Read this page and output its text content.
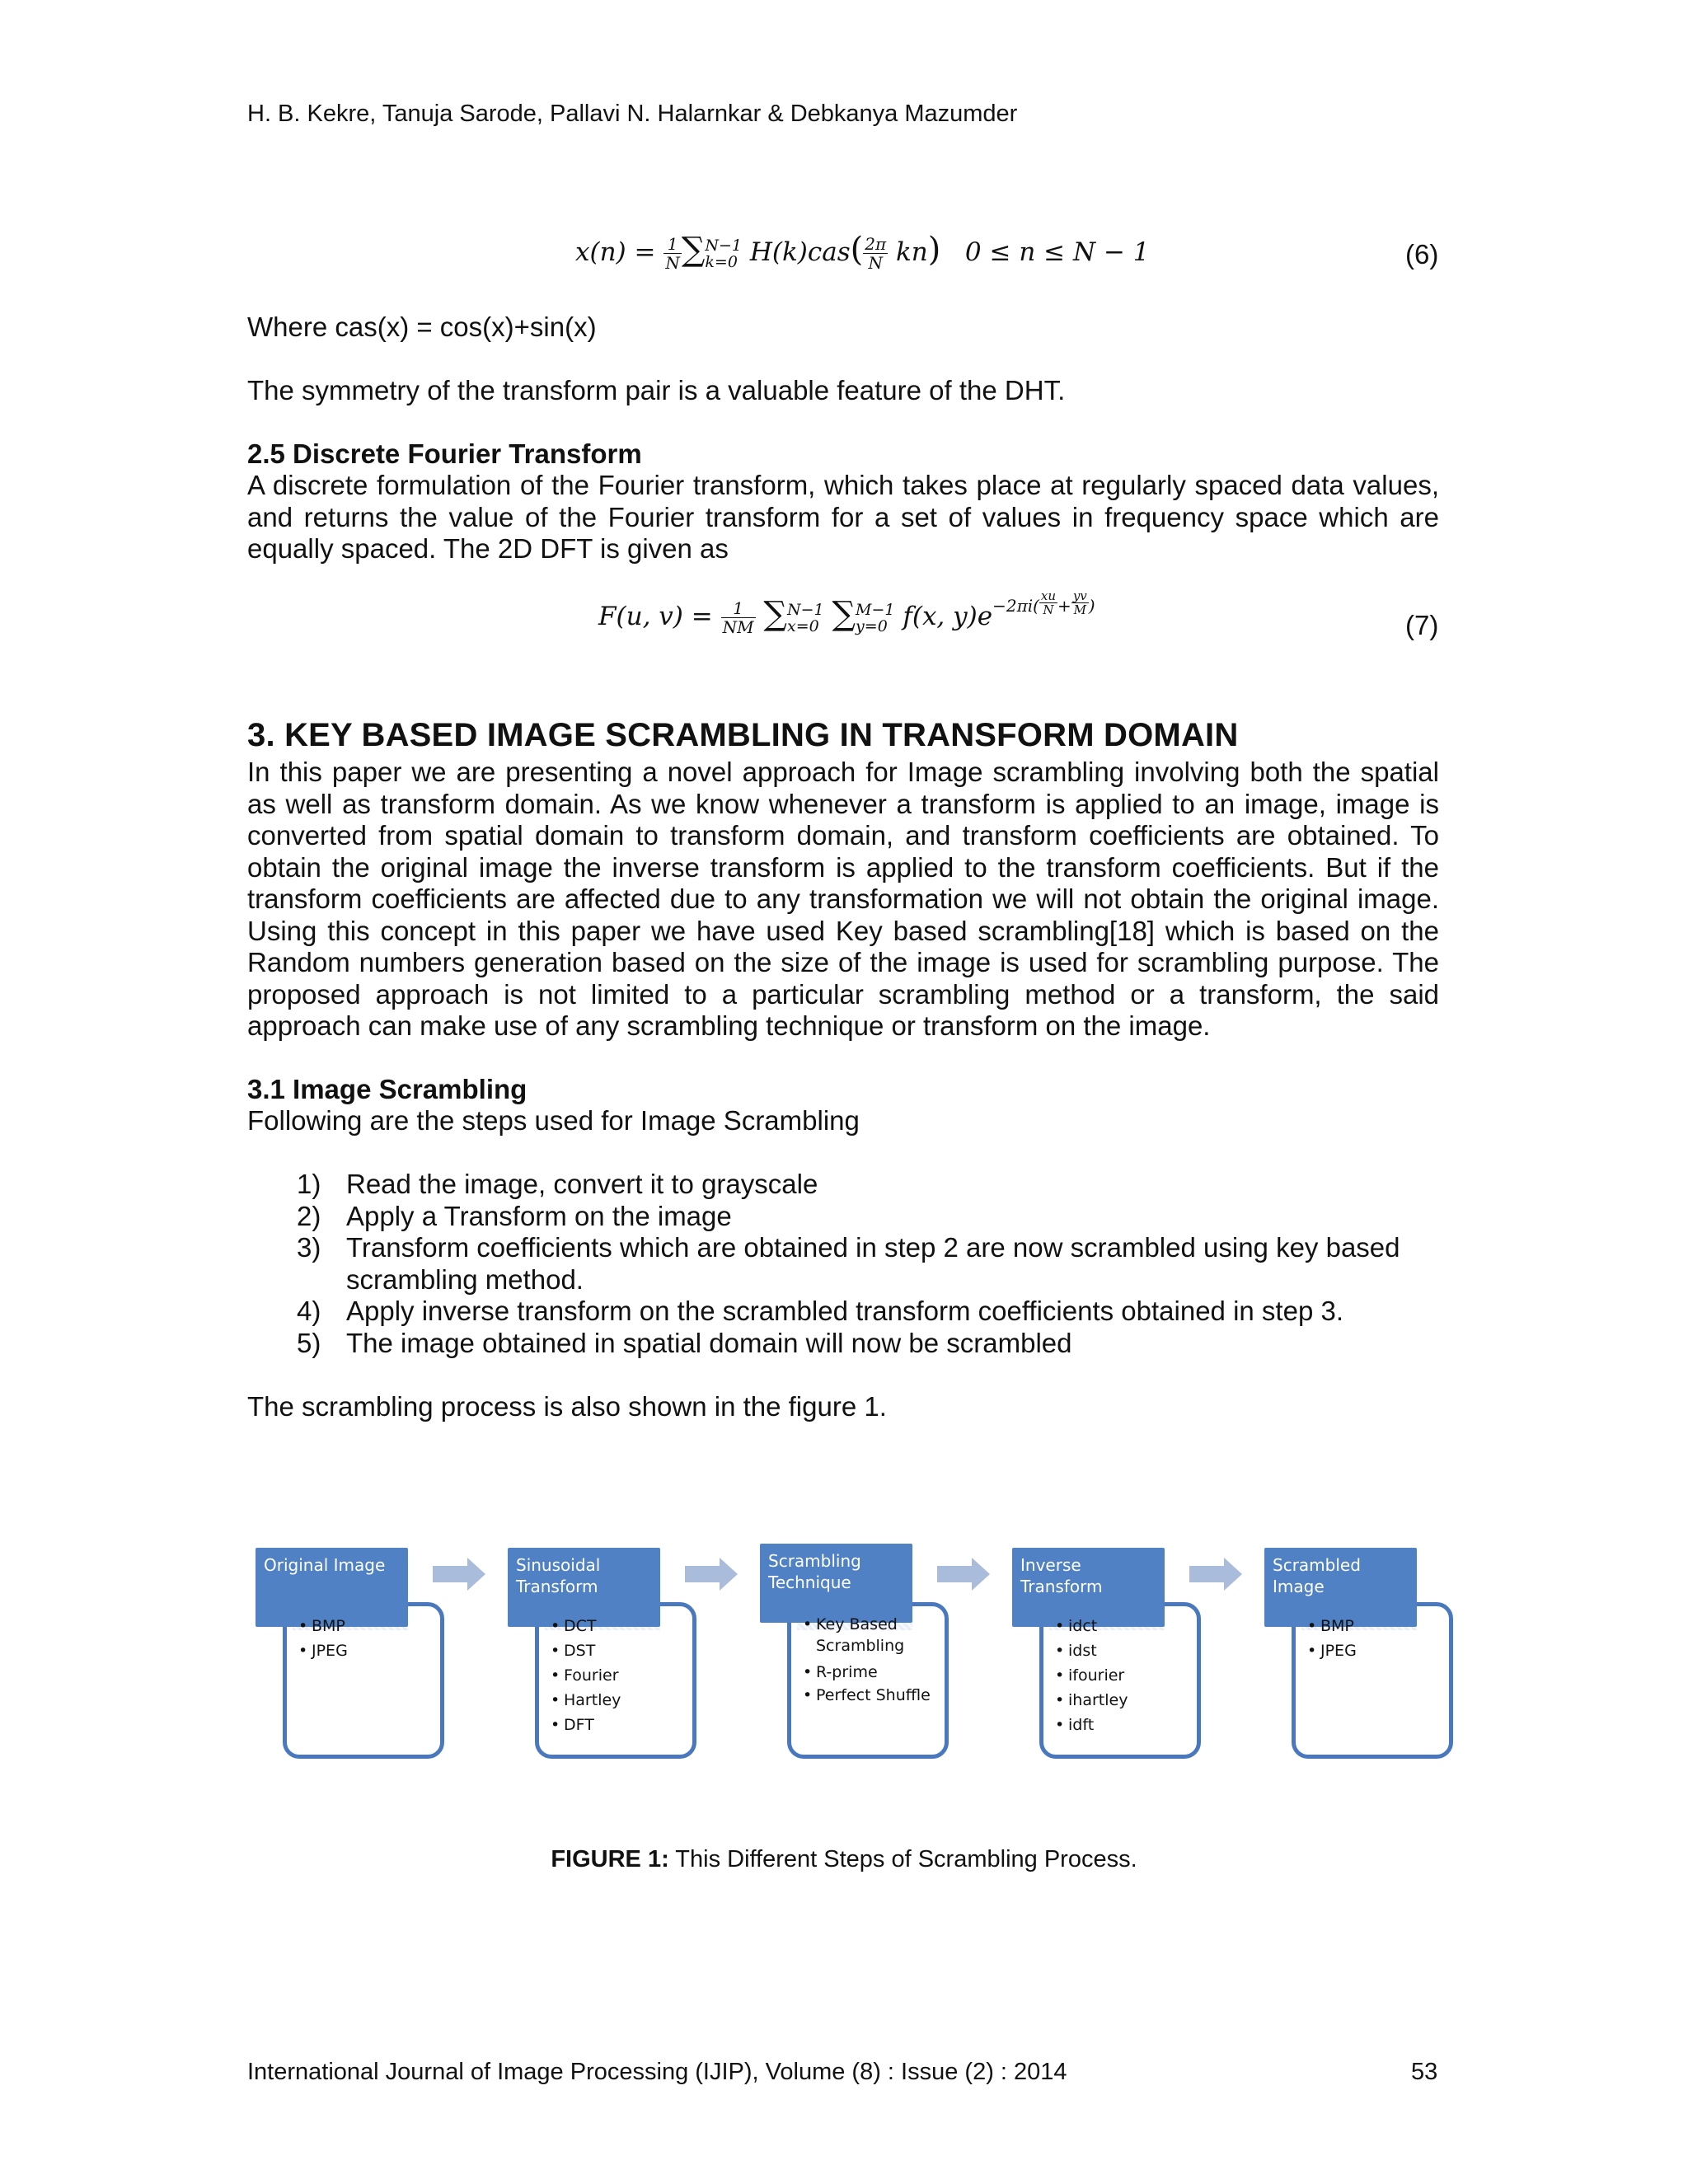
H. B. Kekre, Tanuja Sarode, Pallavi N. Halarnkar & Debkanya Mazumder
$x(n) = \frac{1}{N}$ ∑ N−1
k=0 $H(k)cas( \frac{2\pi}{N} kn)$   0 ≤ n ≤ N − 1	(6)
Where cas(x) = cos(x)+sin(x)
The symmetry of the transform pair is a valuable feature of the DHT.
2.5 Discrete Fourier Transform
A discrete formulation of the Fourier transform, which takes place at regularly spaced data values, and returns the value of the Fourier transform for a set of values in frequency space which are equally spaced. The 2D DFT is given as
F(u, $v) = \frac{1}{NM}$ ∑ N−1
x=0 ∑ M−1
y=0 f(x, $y)e^{-2\pi i(} \frac{xu}{N} ^+ \frac{yv}{M} ^)$
(7)
3. KEY BASED IMAGE SCRAMBLING IN TRANSFORM DOMAIN
In this paper we are presenting a novel approach for Image scrambling involving both the spatial as well as transform domain. As we know whenever a transform is applied to an image, image is converted from spatial domain to transform domain, and transform coefficients are obtained. To obtain the original image the inverse transform is applied to the transform coefficients. But if the transform coefficients are affected due to any transformation we will not obtain the original image. Using this concept in this paper we have used Key based scrambling[18] which is based on the Random numbers generation based on the size of the image is used for scrambling purpose. The proposed approach is not limited to a particular scrambling method or a transform, the said approach can make use of any scrambling technique or transform on the image.
3.1 Image Scrambling
Following are the steps used for Image Scrambling
1) Read the image, convert it to grayscale
2) Apply a Transform on the image
3) Transform coefficients which are obtained in step 2 are now scrambled using key based scrambling method.
4) Apply inverse transform on the scrambled transform coefficients obtained in step 3.
5) The image obtained in spatial domain will now be scrambled
The scrambling process is also shown in the figure 1.
Original Image
• BMP
• JPEG
Sinusoidal Transform
• DCT
• DST
• Fourier
• Hartley
• DFT
Scrambling Technique
• Key Based Scrambling
• R-prime
• Perfect Shuffle
Inverse Transform
• idct
• idst
• ifourier
• ihartley
• idft
Scrambled Image
• BMP
• JPEG
FIGURE 1: This Different Steps of Scrambling Process.
International Journal of Image Processing (IJIP), Volume (8) : Issue (2) : 2014	53
